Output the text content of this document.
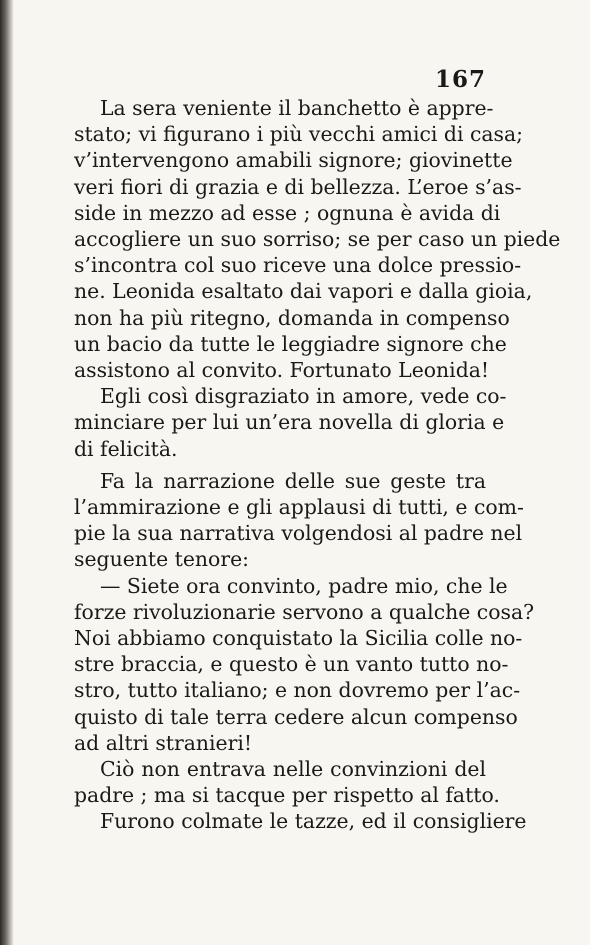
167

La sera veniente il banchetto è appre-
stato; vi figurano i più vecchi amici di casa;
v’intervengono amabili signore; giovinette
veri fiori di grazia e di bellezza. L’eroe s’as-
side in mezzo ad esse ; ognuna è avida di
accogliere un suo sorriso; se per caso un piede
s’incontra col suo riceve una dolce pressio-
ne. Leonida esaltato dai vapori e dalla gioia,
non ha più ritegno, domanda in compenso
un bacio da tutte le leggiadre signore che
assistono al convito. Fortunato Leonida!

Egli così disgraziato in amore, vede co-
minciare per lui un’era novella di gloria e
di felicità.

Fa la narrazione delle sue geste tra
l’ammirazione e gli applausi di tutti, e com-
pie la sua narrativa volgendosi al padre nel
seguente tenore:

— Siete ora convinto, padre mio, che le
forze rivoluzionarie servono a qualche cosa?
Noi abbiamo conquistato la Sicilia colle no-
stre braccia, e questo è un vanto tutto no-
stro, tutto italiano; e non dovremo per l’ac-
quisto di tale terra cedere alcun compenso
ad altri stranieri!

Ciò non entrava nelle convinzioni del
padre ; ma si tacque per rispetto al fatto.

Furono colmate le tazze, ed il consigliere
